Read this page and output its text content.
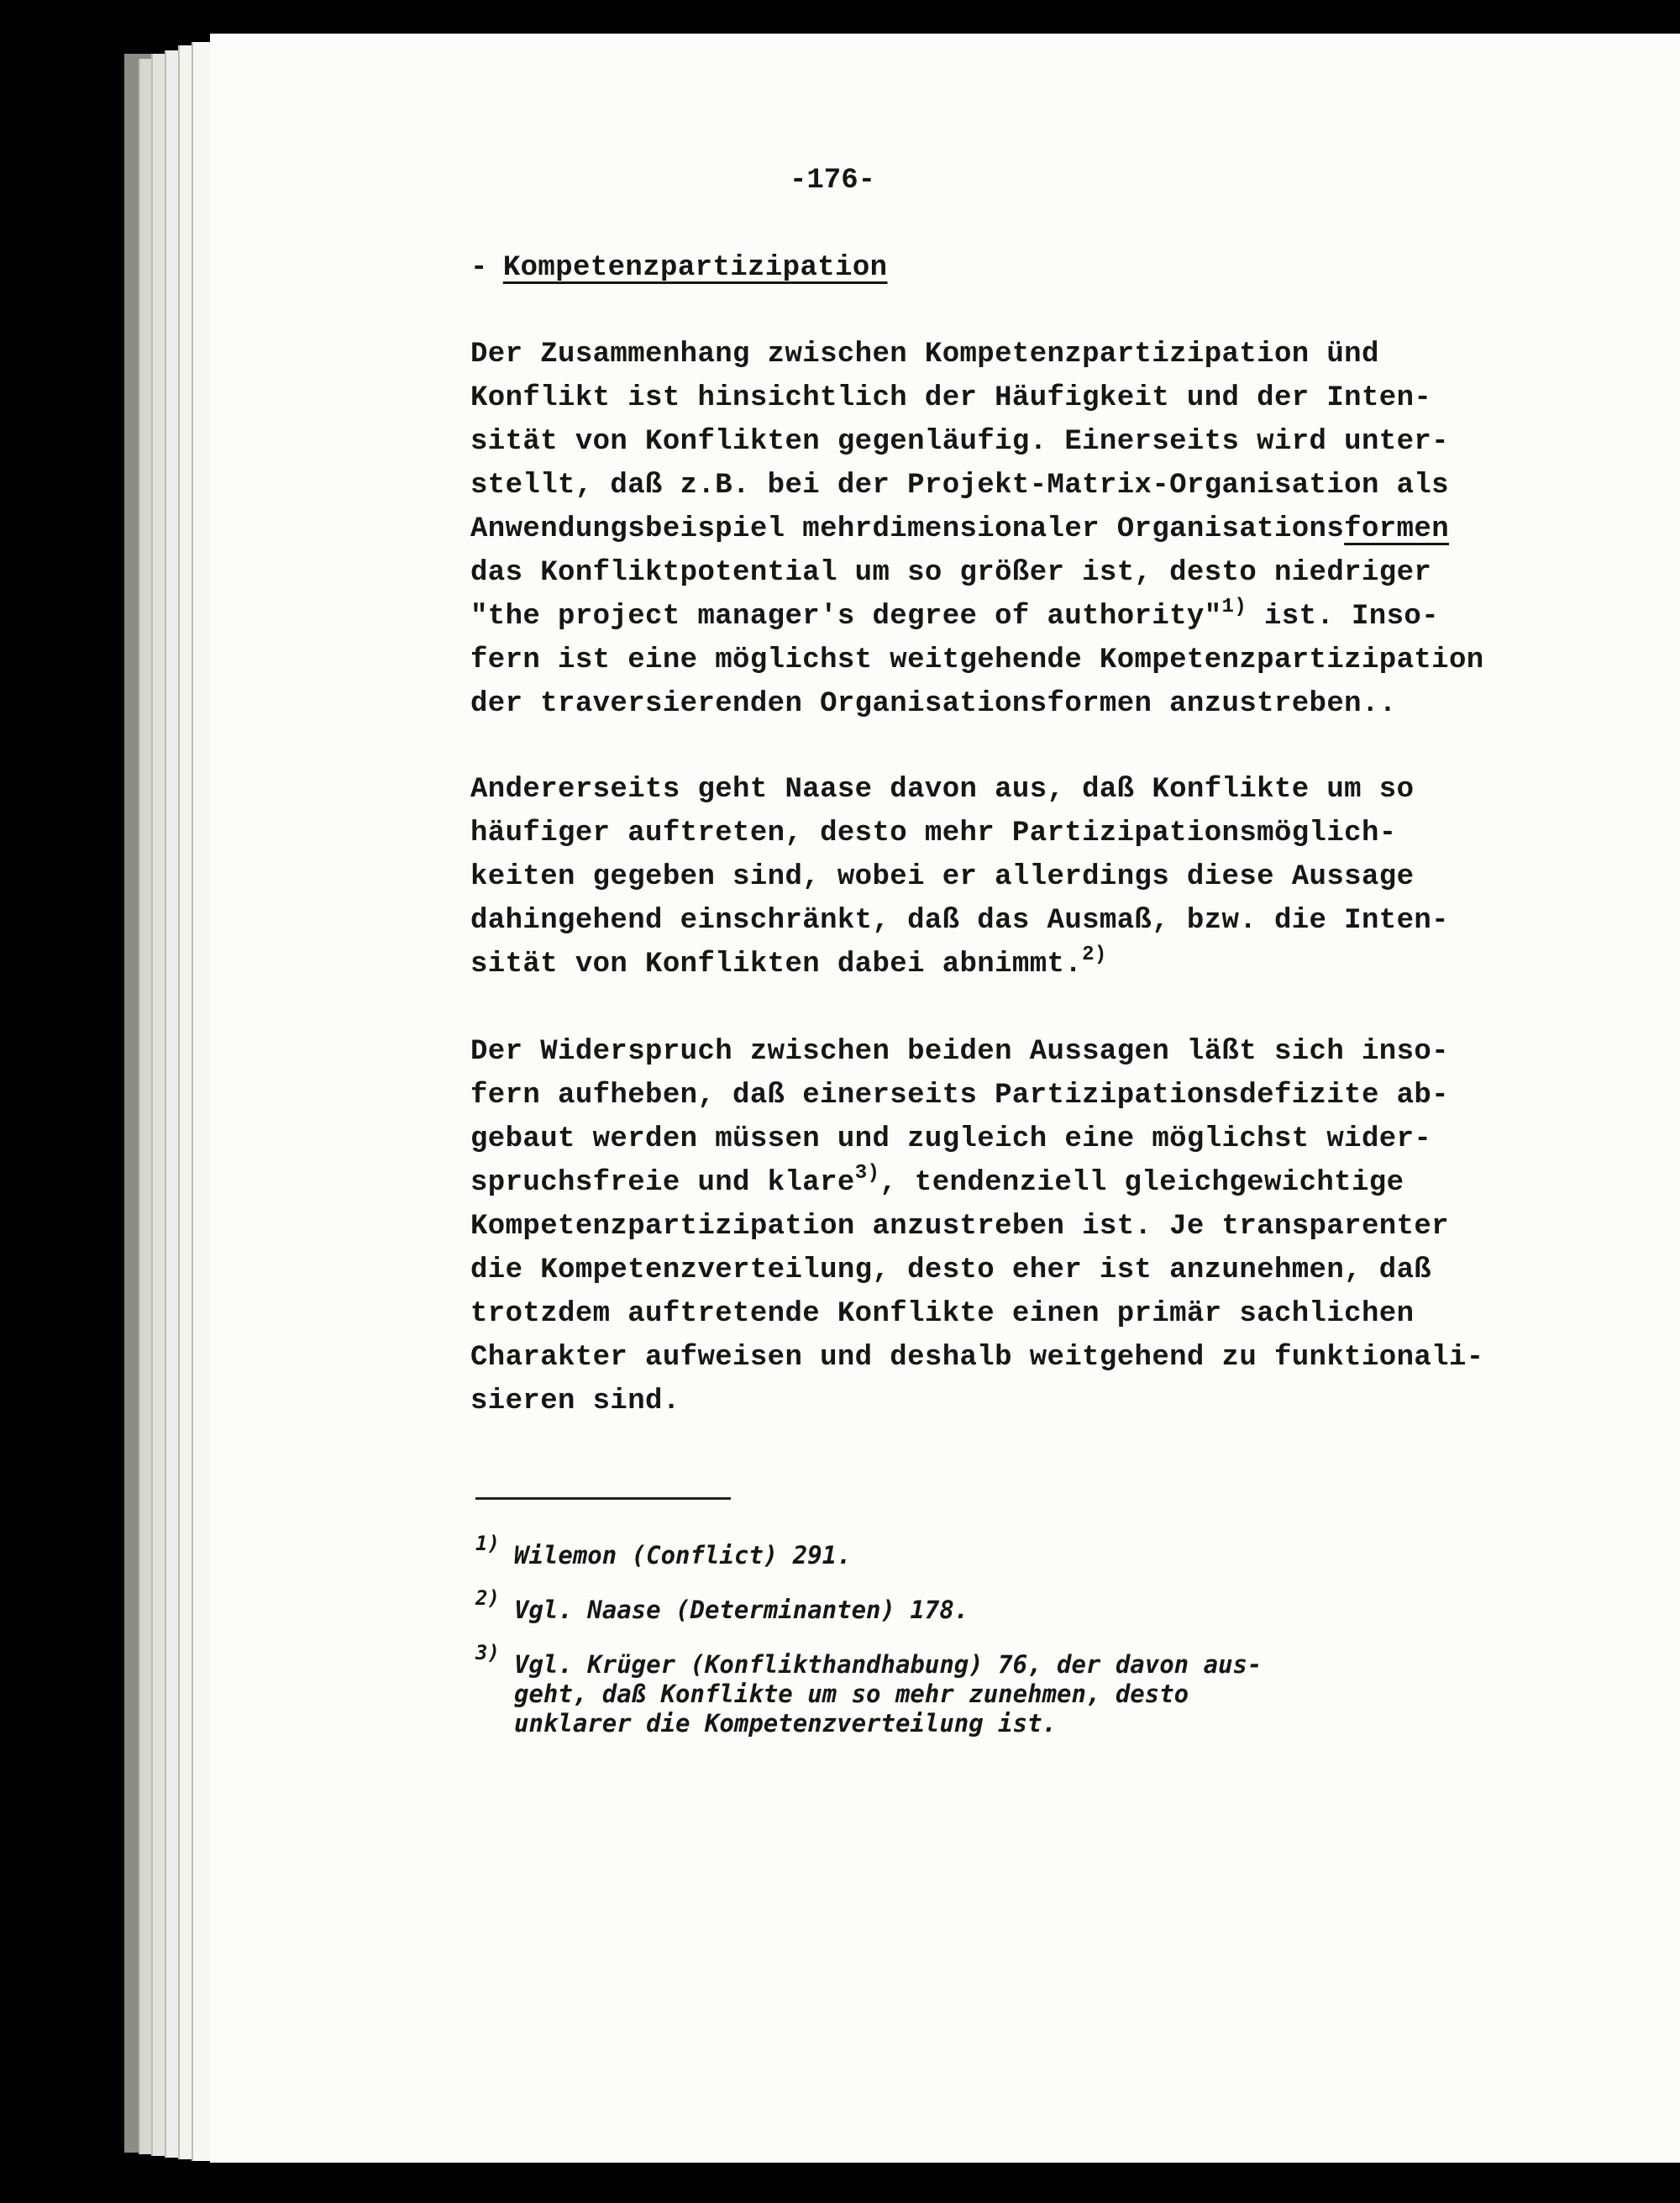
-176-
- Kompetenzpartizipation

Der Zusammenhang zwischen Kompetenzpartizipation ünd

Konflikt ist hinsichtlich der Häufigkeit und der Inten-

sität von Konflikten gegenläufig. Einerseits wird unter-

stellt, daß z.B. bei der Projekt-Matrix-Organisation als

Anwendungsbeispiel mehrdimensionaler Organisationsformen

das Konfliktpotential um so größer ist, desto niedriger

"the project manager's degree of authority"$^{1)}$ ist. Inso-

fern ist eine möglichst weitgehende Kompetenzpartizipation

der traversierenden Organisationsformen anzustreben..

Andererseits geht Naase davon aus, daß Konflikte um so

häufiger auftreten, desto mehr Partizipationsmöglich-

keiten gegeben sind, wobei er allerdings diese Aussage

dahingehend einschränkt, daß das Ausmaß, bzw. die Inten-

sität von Konflikten dabei abnimmt.$^{2)}$

Der Widerspruch zwischen beiden Aussagen läßt sich inso-

fern aufheben, daß einerseits Partizipationsdefizite ab-

gebaut werden müssen und zugleich eine möglichst wider-

spruchsfreie und klare$^{3)}$, tendenziell gleichgewichtige

Kompetenzpartizipation anzustreben ist. Je transparenter

die Kompetenzverteilung, desto eher ist anzunehmen, daß

trotzdem auftretende Konflikte einen primär sachlichen

Charakter aufweisen und deshalb weitgehend zu funktionali-

sieren sind.

1) Wilemon (Conflict) 291.

2) Vgl. Naase (Determinanten) 178.

3) Vgl. Krüger (Konflikthandhabung) 76, der davon aus-
geht, daß Konflikte um so mehr zunehmen, desto
unklarer die Kompetenzverteilung ist.
